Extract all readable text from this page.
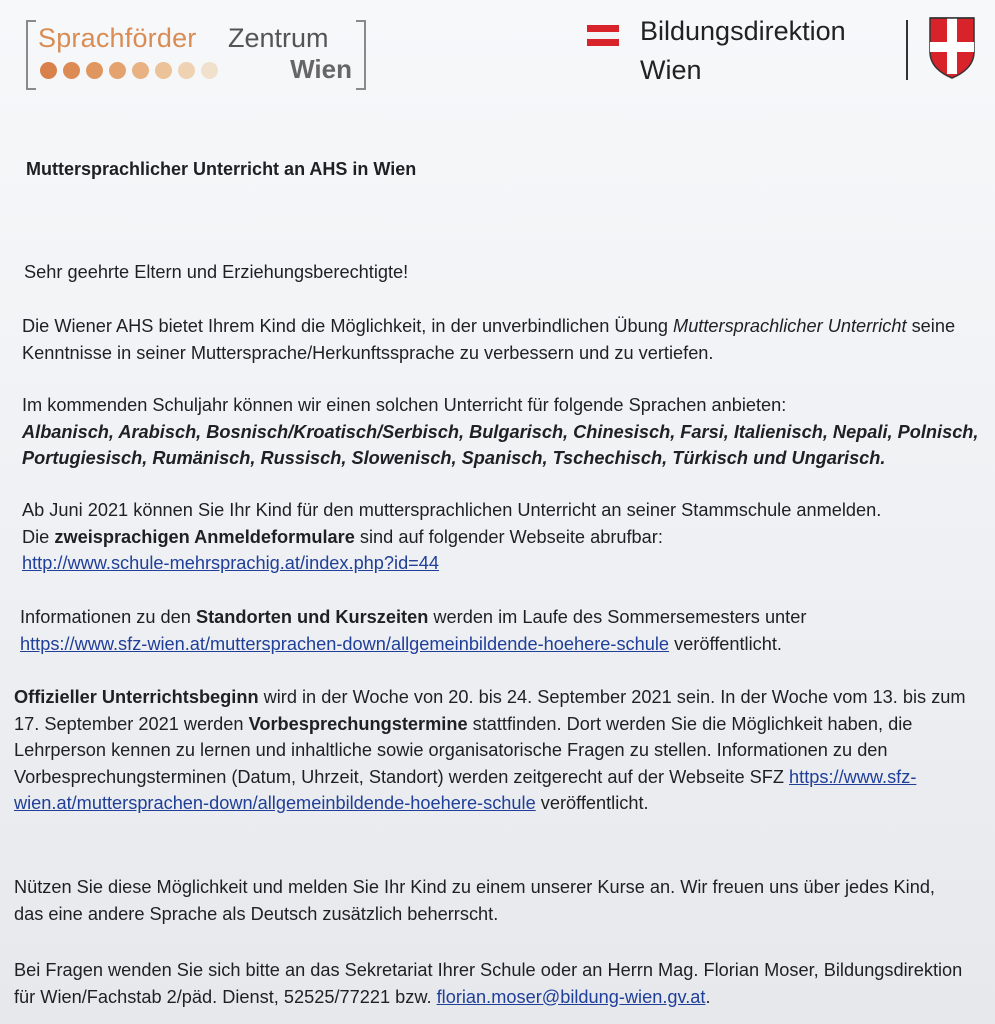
Sprachförder Zentrum
Wien
Bildungsdirektion
Wien
Muttersprachlicher Unterricht an AHS in Wien
Sehr geehrte Eltern und Erziehungsberechtigte!
Die Wiener AHS bietet Ihrem Kind die Möglichkeit, in der unverbindlichen Übung Muttersprachlicher Unterricht seine Kenntnisse in seiner Muttersprache/Herkunftssprache zu verbessern und zu vertiefen.
Im kommenden Schuljahr können wir einen solchen Unterricht für folgende Sprachen anbieten:
Albanisch, Arabisch, Bosnisch/Kroatisch/Serbisch, Bulgarisch, Chinesisch, Farsi, Italienisch, Nepali, Polnisch, Portugiesisch, Rumänisch, Russisch, Slowenisch, Spanisch, Tschechisch, Türkisch und Ungarisch.
Ab Juni 2021 können Sie Ihr Kind für den muttersprachlichen Unterricht an seiner Stammschule anmelden.
Die zweisprachigen Anmeldeformulare sind auf folgender Webseite abrufbar:
http://www.schule-mehrsprachig.at/index.php?id=44
Informationen zu den Standorten und Kurszeiten werden im Laufe des Sommersemesters unter
https://www.sfz-wien.at/muttersprachen-down/allgemeinbildende-hoehere-schule veröffentlicht.
Offizieller Unterrichtsbeginn wird in der Woche von 20. bis 24. September 2021 sein. In der Woche vom 13. bis zum 17. September 2021 werden Vorbesprechungstermine stattfinden. Dort werden Sie die Möglichkeit haben, die Lehrperson kennen zu lernen und inhaltliche sowie organisatorische Fragen zu stellen. Informationen zu den Vorbesprechungsterminen (Datum, Uhrzeit, Standort) werden zeitgerecht auf der Webseite SFZ https://www.sfz-wien.at/muttersprachen-down/allgemeinbildende-hoehere-schule veröffentlicht.
Nützen Sie diese Möglichkeit und melden Sie Ihr Kind zu einem unserer Kurse an. Wir freuen uns über jedes Kind, das eine andere Sprache als Deutsch zusätzlich beherrscht.
Bei Fragen wenden Sie sich bitte an das Sekretariat Ihrer Schule oder an Herrn Mag. Florian Moser, Bildungsdirektion für Wien/Fachstab 2/päd. Dienst, 52525/77221 bzw. florian.moser@bildung-wien.gv.at.
